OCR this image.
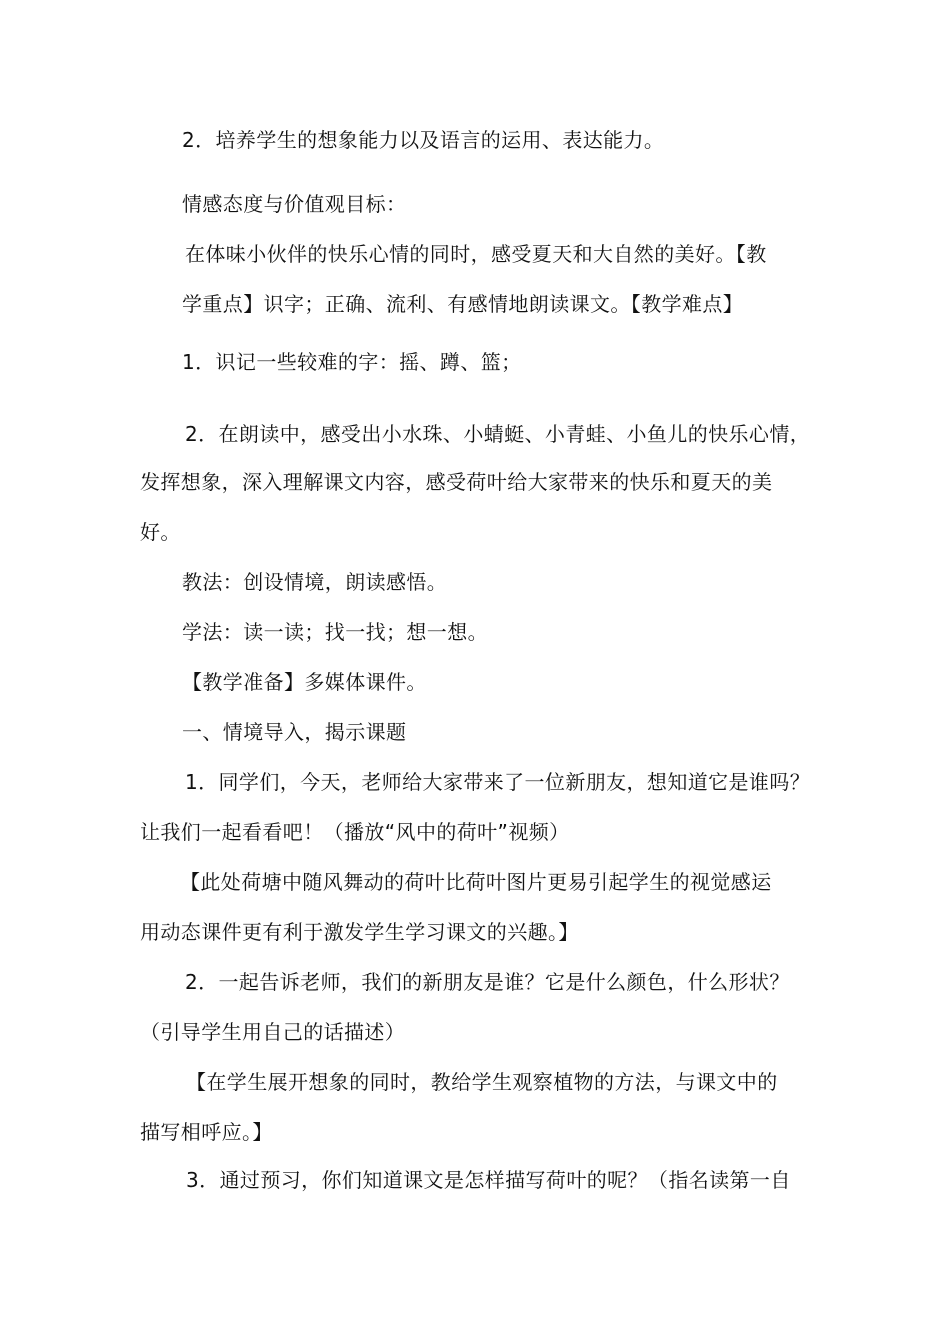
2．培养学生的想象能力以及语言的运用、表达能力。
情感态度与价值观目标：
在体味小伙伴的快乐心情的同时，感受夏天和大自然的美好。【教
学重点】识字；正确、流利、有感情地朗读课文。【教学难点】
1．识记一些较难的字：摇、蹲、篮；
2．在朗读中，感受出小水珠、小蜻蜓、小青蛙、小鱼儿的快乐心情，
发挥想象，深入理解课文内容，感受荷叶给大家带来的快乐和夏天的美
好。
教法：创设情境，朗读感悟。
学法：读一读；找一找；想一想。
【教学准备】多媒体课件。
一、情境导入，揭示课题
1．同学们，今天，老师给大家带来了一位新朋友，想知道它是谁吗？
让我们一起看看吧！（播放“风中的荷叶”视频）
【此处荷塘中随风舞动的荷叶比荷叶图片更易引起学生的视觉感运
用动态课件更有利于激发学生学习课文的兴趣。】
2．一起告诉老师，我们的新朋友是谁？它是什么颜色，什么形状？
（引导学生用自己的话描述）
【在学生展开想象的同时，教给学生观察植物的方法，与课文中的
描写相呼应。】
3．通过预习，你们知道课文是怎样描写荷叶的呢？（指名读第一自
